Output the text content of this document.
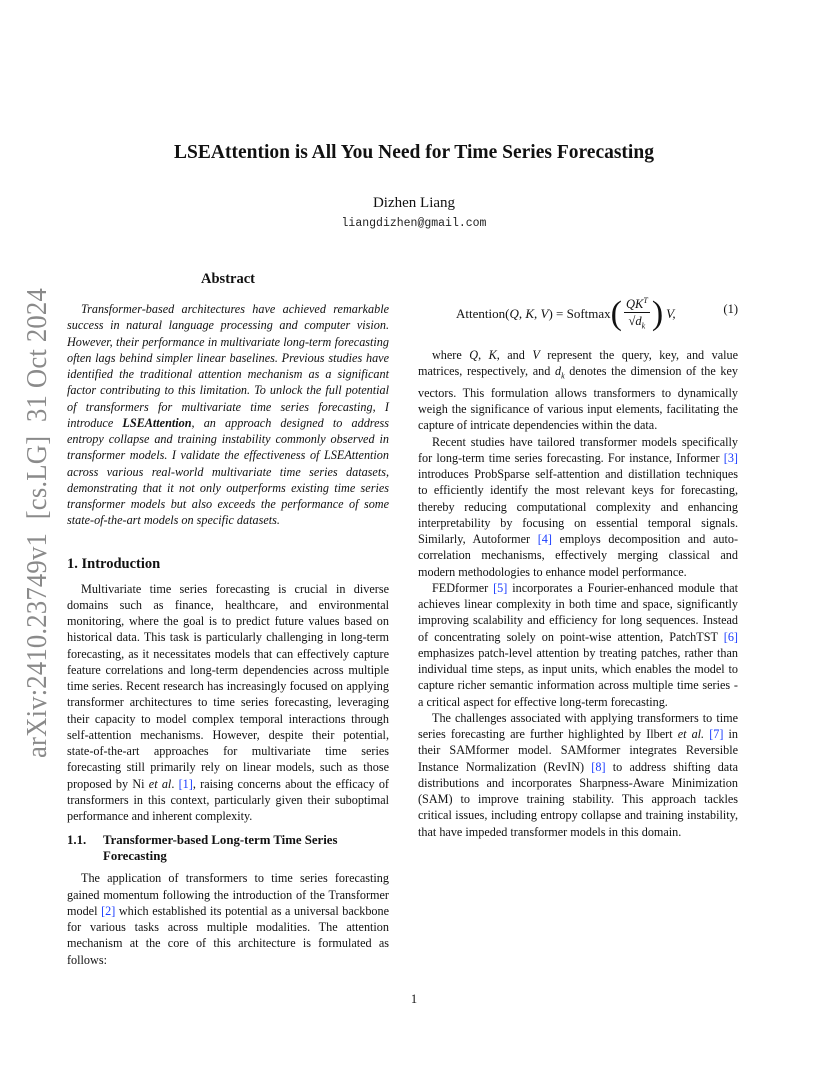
arXiv:2410.23749v1  [cs.LG]  31 Oct 2024
LSEAttention is All You Need for Time Series Forecasting
Dizhen Liang
liangdizhen@gmail.com
Abstract

Transformer-based architectures have achieved remarkable success in natural language processing and computer vision. However, their performance in multivariate long-term forecasting often lags behind simpler linear baselines. Previous studies have identified the traditional attention mechanism as a significant factor contributing to this limitation. To unlock the full potential of transformers for multivariate time series forecasting, I introduce LSEAttention, an approach designed to address entropy collapse and training instability commonly observed in transformer models. I validate the effectiveness of LSEAttention across various real-world multivariate time series datasets, demonstrating that it not only outperforms existing time series transformer models but also exceeds the performance of some state-of-the-art models on specific datasets.

1. Introduction

Multivariate time series forecasting is crucial in diverse domains such as finance, healthcare, and environmental monitoring, where the goal is to predict future values based on historical data. This task is particularly challenging in long-term forecasting, as it necessitates models that can effectively capture feature correlations and long-term dependencies across multiple time series. Recent research has increasingly focused on applying transformer architectures to time series forecasting, leveraging their capacity to model complex temporal interactions through self-attention mechanisms. However, despite their potential, state-of-the-art approaches for multivariate time series forecasting still primarily rely on linear models, such as those proposed by Ni et al. [1], raising concerns about the efficacy of transformers in this context, particularly given their suboptimal performance and inherent complexity.

1.1.	Transformer-based Long-term Time Series Forecasting

The application of transformers to time series forecasting gained momentum following the introduction of the Transformer model [2] which established its potential as a universal backbone for various tasks across multiple modalities. The attention mechanism at the core of this architecture is formulated as follows:

Attention( Q, K, V ) = Softmax ( $\frac{QK^T}{√d_k}$ ) V,	(1)

where Q, K, and V represent the query, key, and value matrices, respectively, and $d_k$ denotes the dimension of the key vectors. This formulation allows transformers to dynamically weigh the significance of various input elements, facilitating the capture of intricate dependencies within the data.

Recent studies have tailored transformer models specifically for long-term time series forecasting. For instance, Informer [3] introduces ProbSparse self-attention and distillation techniques to efficiently identify the most relevant keys for forecasting, thereby reducing computational complexity and enhancing interpretability by focusing on essential temporal signals. Similarly, Autoformer [4] employs decomposition and auto-correlation mechanisms, effectively merging classical and modern methodologies to enhance model performance.

FEDformer [5] incorporates a Fourier-enhanced module that achieves linear complexity in both time and space, significantly improving scalability and efficiency for long sequences. Instead of concentrating solely on point-wise attention, PatchTST [6] emphasizes patch-level attention by treating patches, rather than individual time steps, as input units, which enables the model to capture richer semantic information across multiple time series - a critical aspect for effective long-term forecasting.

The challenges associated with applying transformers to time series forecasting are further highlighted by Ilbert et al. [7] in their SAMformer model. SAMformer integrates Reversible Instance Normalization (RevIN) [8] to address shifting data distributions and incorporates Sharpness-Aware Minimization (SAM) to improve training stability. This approach tackles critical issues, including entropy collapse and training instability, that have impeded transformer models in this domain.

1
